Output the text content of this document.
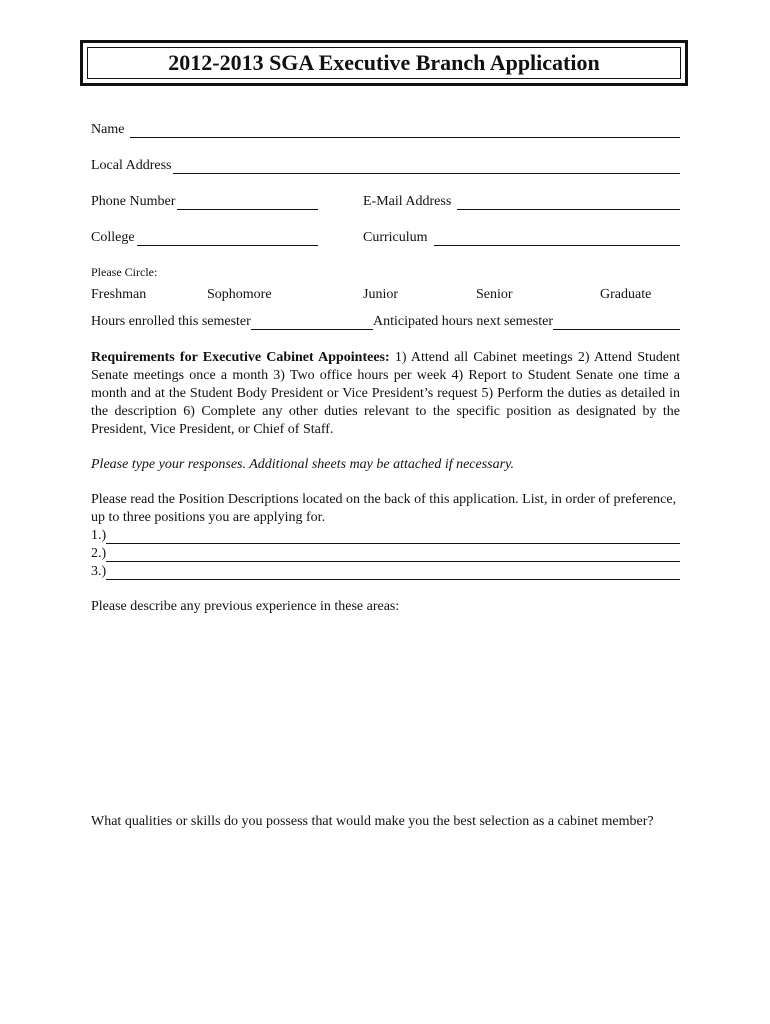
2012-2013 SGA Executive Branch Application
Name
Local Address
Phone Number	E-Mail Address
College	Curriculum
Please Circle:
Freshman	Sophomore	Junior	Senior	Graduate
Hours enrolled this semester	Anticipated hours next semester
Requirements for Executive Cabinet Appointees: 1) Attend all Cabinet meetings 2) Attend Student Senate meetings once a month 3) Two office hours per week 4) Report to Student Senate one time a month and at the Student Body President or Vice President’s request 5) Perform the duties as detailed in the description 6) Complete any other duties relevant to the specific position as designated by the President, Vice President, or Chief of Staff.
Please type your responses. Additional sheets may be attached if necessary.
Please read the Position Descriptions located on the back of this application. List, in order of preference, up to three positions you are applying for.
1.)
2.)
3.)
Please describe any previous experience in these areas:
What qualities or skills do you possess that would make you the best selection as a cabinet member?
